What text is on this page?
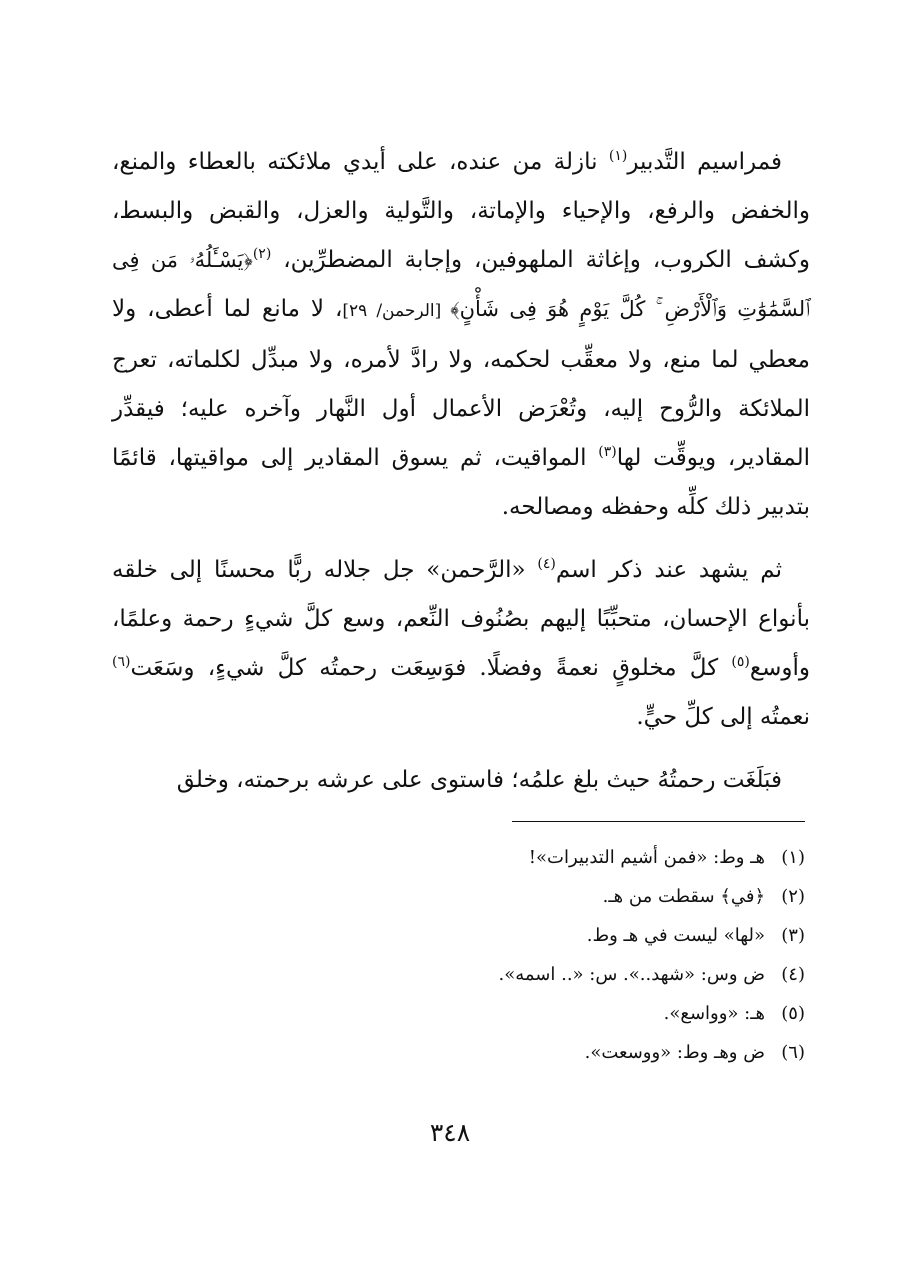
فمراسيم التَّدبير$^{(١)}$ نازلة من عنده، على أيدي ملائكته بالعطاء والمنع، والخفض والرفع، والإحياء والإماتة، والتَّولية والعزل، والقبض والبسط، وكشف الكروب، وإغاثة الملهوفين، وإجابة المضطرِّين، $^{(٢)}$﴿يَسْـَٔلُهُۥ مَن فِى ٱلسَّمَٰوَٰتِ وَٱلْأَرْضِ ۚ كُلَّ يَوْمٍ هُوَ فِى شَأْنٍ﴾ [الرحمن/ ٢٩]، لا مانع لما أعطى، ولا معطي لما منع، ولا معقِّب لحكمه، ولا رادَّ لأمره، ولا مبدِّل لكلماته، تعرج الملائكة والرُّوح إليه، وتُعْرَض الأعمال أول النَّهار وآخره عليه؛ فيقدِّر المقادير، ويوقِّت لها$^{(٣)}$ المواقيت، ثم يسوق المقادير إلى مواقيتها، قائمًا بتدبير ذلك كلِّه وحفظه ومصالحه.

ثم يشهد عند ذكر اسم$^{(٤)}$ «الرَّحمن» جل جلاله ربًّا محسنًا إلى خلقه بأنواع الإحسان، متحبِّبًا إليهم بصُنُوف النِّعم، وسع كلَّ شيءٍ رحمة وعلمًا، وأوسع$^{(٥)}$ كلَّ مخلوقٍ نعمةً وفضلًا. فوَسِعَت رحمتُه كلَّ شيءٍ، وسَعَت$^{(٦)}$ نعمتُه إلى كلِّ حيٍّ.

فبَلَغَت رحمتُهُ حيث بلغ علمُه؛ فاستوى على عرشه برحمته، وخلق

(١)هـ وط: «فمن أشيم التدبيرات»!
(٢)﴿في﴾ سقطت من هـ.
(٣)«لها» ليست في هـ وط.
(٤)ض وس: «شهد..». س: «.. اسمه».
(٥)هـ: «وواسع».
(٦)ض وهـ وط: «ووسعت».
٣٤٨
